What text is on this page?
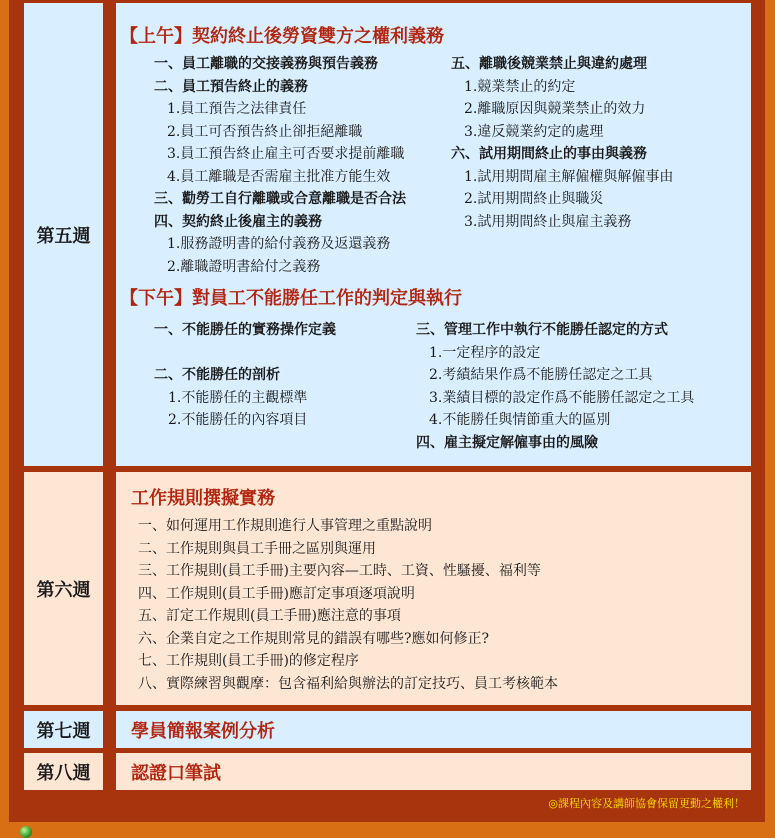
第五週
【上午】契約終止後勞資雙方之權利義務
一、員工離職的交接義務與預告義務
二、員工預告終止的義務
1.員工預告之法律責任
2.員工可否預告終止卻拒絕離職
3.員工預告終止雇主可否要求提前離職
4.員工離職是否需雇主批准方能生效
三、勸勞工自行離職或合意離職是否合法
四、契約終止後雇主的義務
1.服務證明書的給付義務及返還義務
2.離職證明書給付之義務
五、離職後競業禁止與違約處理
1.競業禁止的約定
2.離職原因與競業禁止的效力
3.違反競業約定的處理
六、試用期間終止的事由與義務
1.試用期間雇主解僱權與解僱事由
2.試用期間終止與職災
3.試用期間終止與雇主義務
【下午】對員工不能勝任工作的判定與執行
一、不能勝任的實務操作定義
二、不能勝任的剖析
1.不能勝任的主觀標準
2.不能勝任的內容項目
三、管理工作中執行不能勝任認定的方式
1.一定程序的設定
2.考績結果作爲不能勝任認定之工具
3.業績目標的設定作爲不能勝任認定之工具
4.不能勝任與情節重大的區別
四、雇主擬定解僱事由的風險
第六週
工作規則撰擬實務
一、如何運用工作規則進行人事管理之重點說明
二、工作規則與員工手冊之區別與運用
三、工作規則(員工手冊)主要內容—工時、工資、性騷擾、福利等
四、工作規則(員工手冊)應訂定事項逐項說明
五、訂定工作規則(員工手冊)應注意的事項
六、企業自定之工作規則常見的錯誤有哪些?應如何修正?
七、工作規則(員工手冊)的修定程序
八、實際練習與觀摩：包含福利給與辦法的訂定技巧、員工考核範本
第七週	學員簡報案例分析
第八週	認證口筆試
◎課程內容及講師協會保留更動之權利！
